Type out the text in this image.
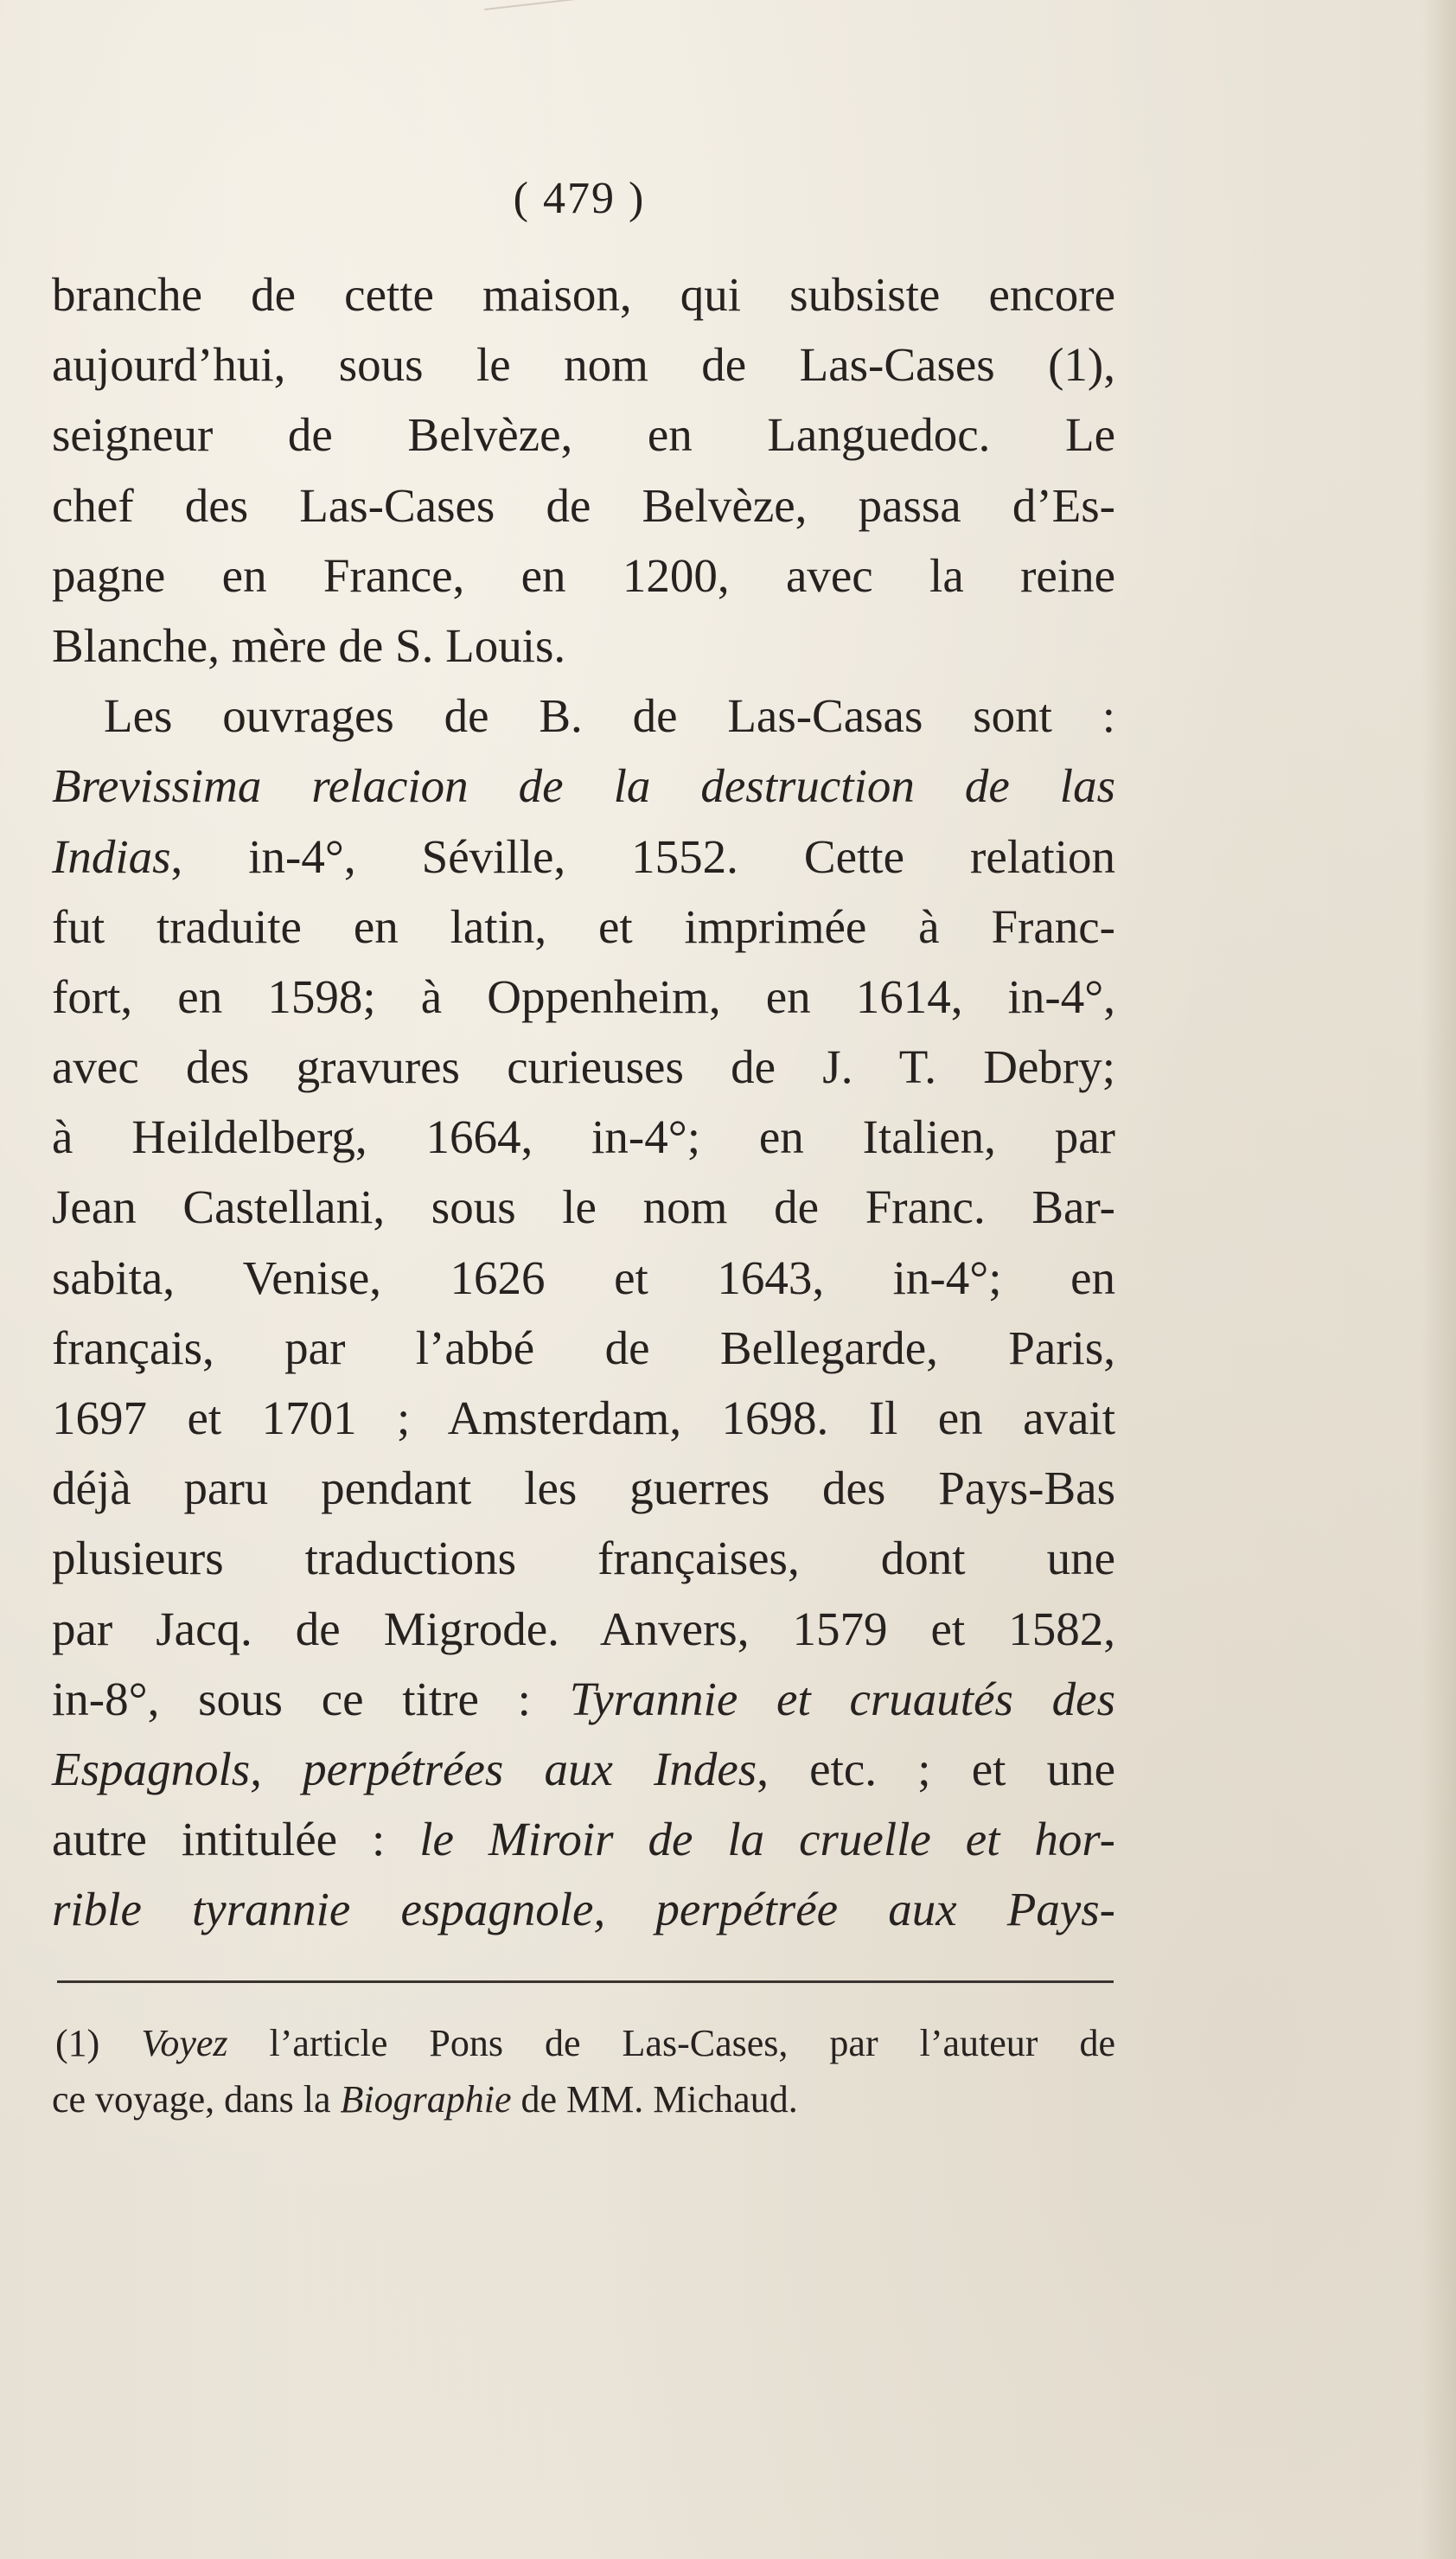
( 479 )
branche de cette maison, qui subsiste encore
aujourd’hui, sous le nom de Las-Cases (1),
seigneur de Belvèze, en Languedoc. Le
chef des Las-Cases de Belvèze, passa d’Es-
pagne en France, en 1200, avec la reine
Blanche, mère de S. Louis.
Les ouvrages de B. de Las-Casas sont :
Brevissima relacion de la destruction de las
Indias, in-4°, Séville, 1552. Cette relation
fut traduite en latin, et imprimée à Franc-
fort, en 1598; à Oppenheim, en 1614, in-4°,
avec des gravures curieuses de J. T. Debry;
à Heildelberg, 1664, in-4°; en Italien, par
Jean Castellani, sous le nom de Franc. Bar-
sabita, Venise, 1626 et 1643, in-4°; en
français, par l’abbé de Bellegarde, Paris,
1697 et 1701 ; Amsterdam, 1698. Il en avait
déjà paru pendant les guerres des Pays-Bas
plusieurs traductions françaises, dont une
par Jacq. de Migrode. Anvers, 1579 et 1582,
in-8°, sous ce titre : Tyrannie et cruautés des
Espagnols, perpétrées aux Indes, etc. ; et une
autre intitulée : le Miroir de la cruelle et hor-
rible tyrannie espagnole, perpétrée aux Pays-
(1) Voyez l’article Pons de Las-Cases, par l’auteur de
ce voyage, dans la Biographie de MM. Michaud.
